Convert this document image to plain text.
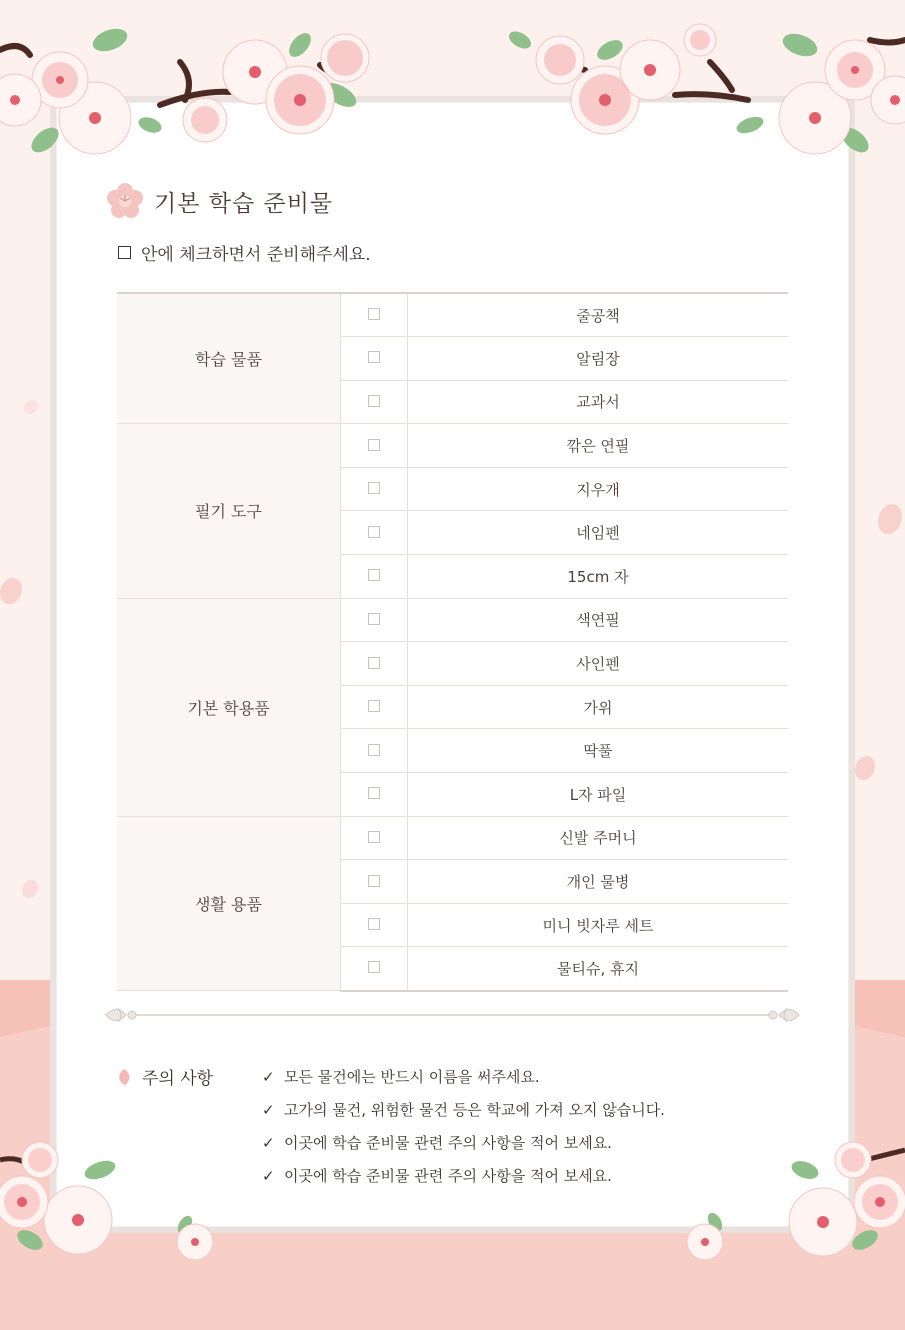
기본 학습 준비물
안에 체크하면서 준비해주세요.
학습 물품		줄공책
		알림장
		교과서
필기 도구		깎은 연필
		지우개
		네임펜
		15cm 자
기본 학용품		색연필
		사인펜
		가위
		딱풀
		L자 파일
생활 용품		신발 주머니
		개인 물병
		미니 빗자루 세트
		물티슈, 휴지
주의 사항	✓ 모든 물건에는 반드시 이름을 써주세요.
✓ 고가의 물건, 위험한 물건 등은 학교에 가져 오지 않습니다.
✓ 이곳에 학습 준비물 관련 주의 사항을 적어 보세요.
✓ 이곳에 학습 준비물 관련 주의 사항을 적어 보세요.
